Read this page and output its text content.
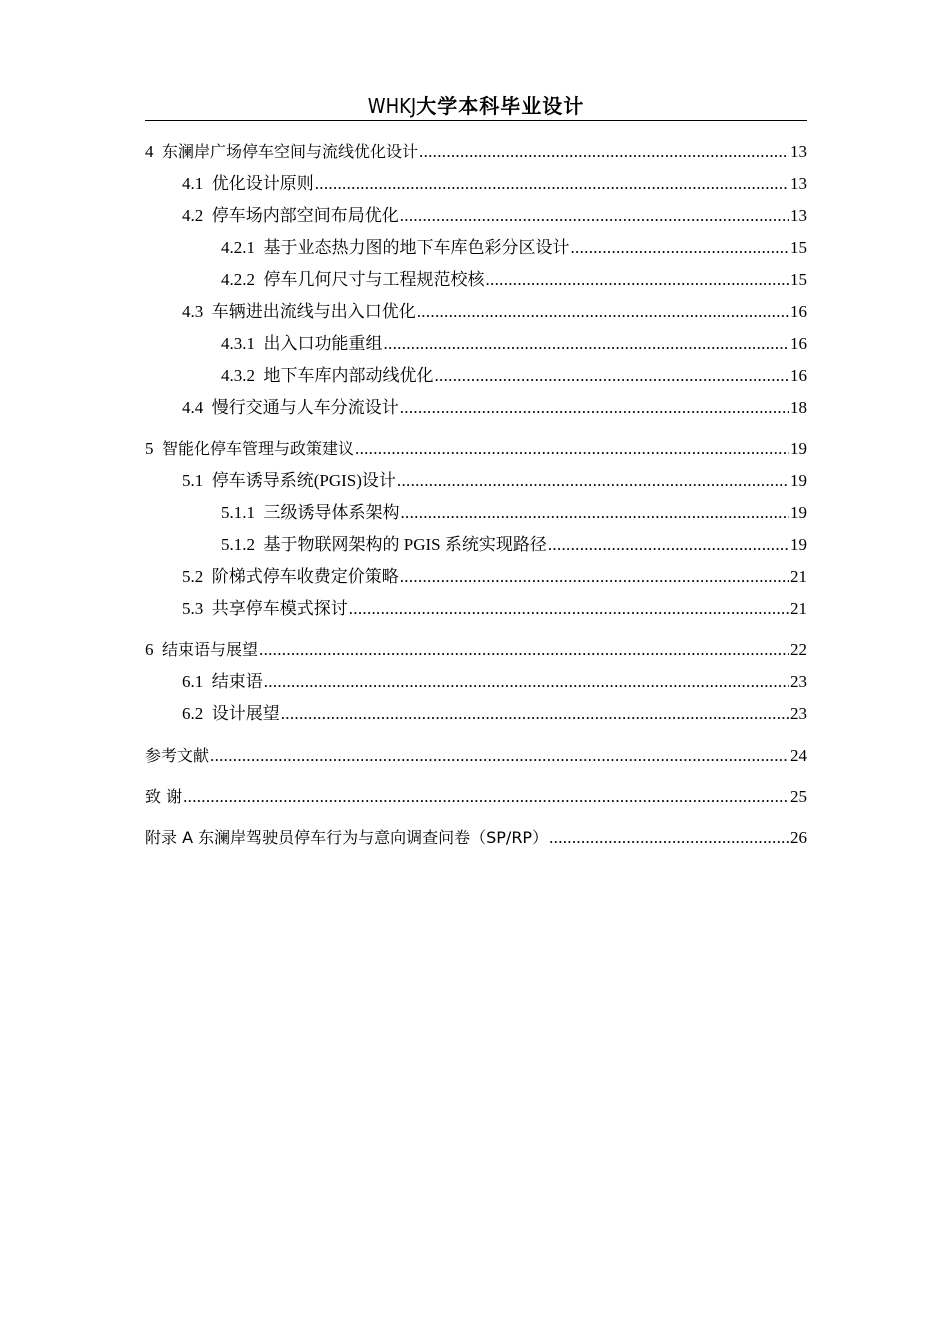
WHKJ大学本科毕业设计
4 东澜岸广场停车空间与流线优化设计 .....	13
4.1 优化设计原则 .....	13
4.2 停车场内部空间布局优化 .....	13
4.2.1 基于业态热力图的地下车库色彩分区设计 .....	15
4.2.2 停车几何尺寸与工程规范校核 .....	15
4.3 车辆进出流线与出入口优化 .....	16
4.3.1 出入口功能重组 .....	16
4.3.2 地下车库内部动线优化 .....	16
4.4 慢行交通与人车分流设计 .....	18
5 智能化停车管理与政策建议 .....	19
5.1 停车诱导系统(PGIS)设计 .....	19
5.1.1 三级诱导体系架构 .....	19
5.1.2 基于物联网架构的 PGIS 系统实现路径 .....	19
5.2 阶梯式停车收费定价策略 .....	21
5.3 共享停车模式探讨 .....	21
6 结束语与展望 .....	22
6.1 结束语 .....	23
6.2 设计展望 .....	23
参考文献 .....	24
致 谢 .....	25
附录 A 东澜岸驾驶员停车行为与意向调查问卷（SP/RP） .....	26
